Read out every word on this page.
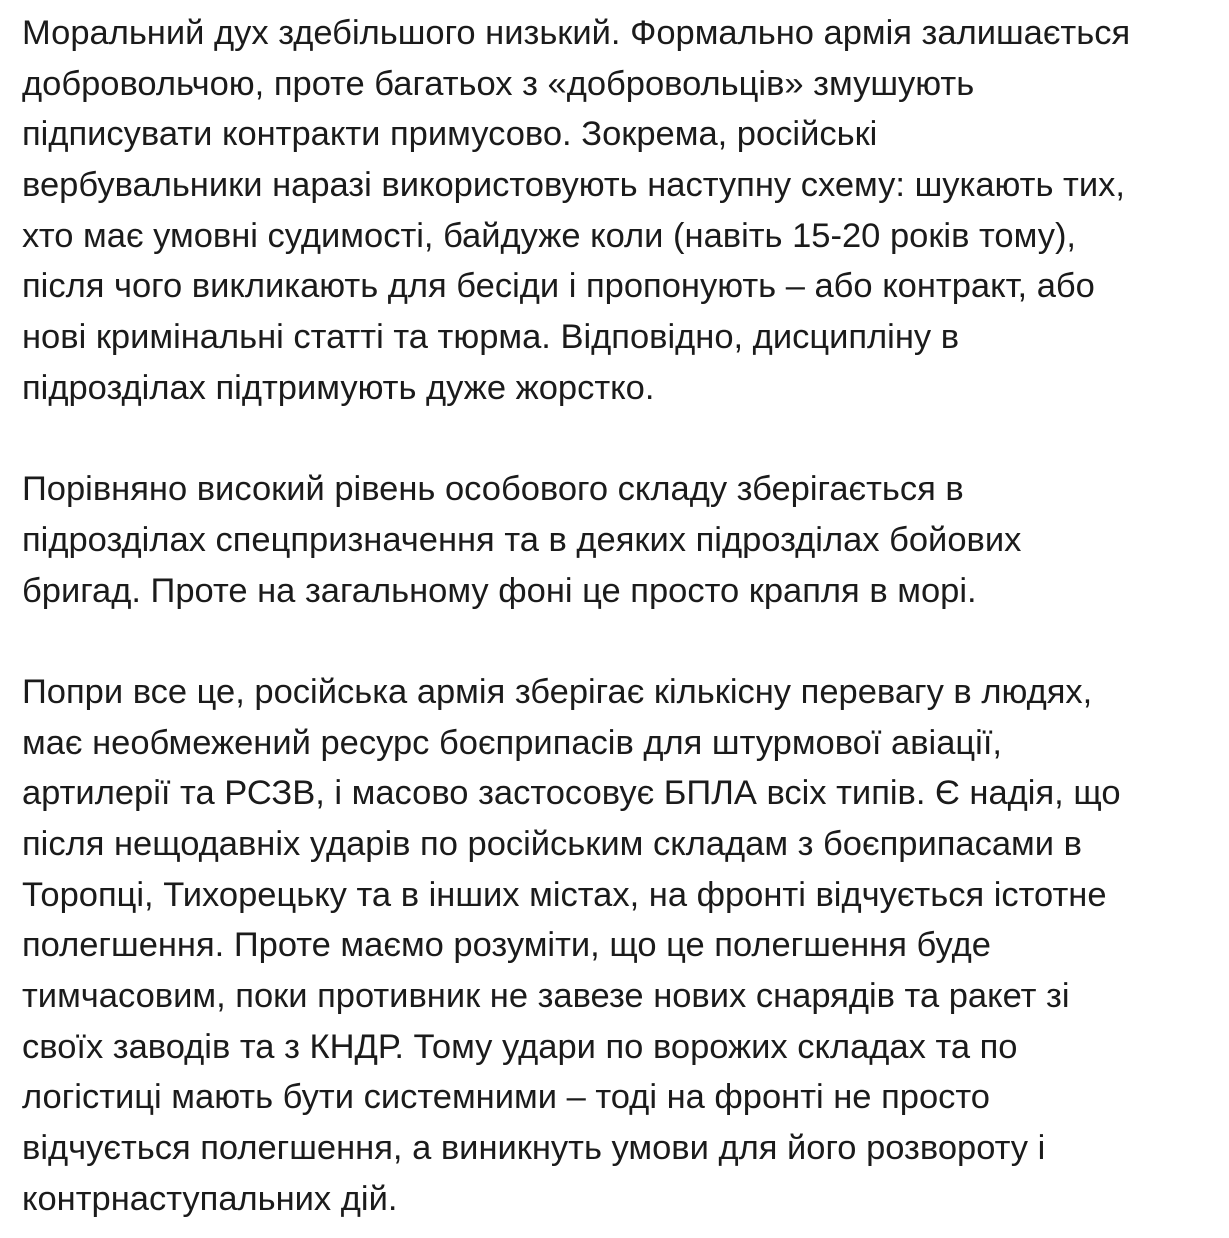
Моральний дух здебільшого низький. Формально армія залишається
добровольчою, проте багатьох з «добровольців» змушують
підписувати контракти примусово. Зокрема, російські
вербувальники наразі використовують наступну схему: шукають тих,
хто має умовні судимості, байдуже коли (навіть 15-20 років тому),
після чого викликають для бесіди і пропонують – або контракт, або
нові кримінальні статті та тюрма. Відповідно, дисципліну в
підрозділах підтримують дуже жорстко.

Порівняно високий рівень особового складу зберігається в
підрозділах спецпризначення та в деяких підрозділах бойових
бригад. Проте на загальному фоні це просто крапля в морі.

Попри все це, російська армія зберігає кількісну перевагу в людях,
має необмежений ресурс боєприпасів для штурмової авіації,
артилерії та РСЗВ, і масово застосовує БПЛА всіх типів. Є надія, що
після нещодавніх ударів по російським складам з боєприпасами в
Торопці, Тихорецьку та в інших містах, на фронті відчується істотне
полегшення. Проте маємо розуміти, що це полегшення буде
тимчасовим, поки противник не завезе нових снарядів та ракет зі
своїх заводів та з КНДР. Тому удари по ворожих складах та по
логістиці мають бути системними – тоді на фронті не просто
відчується полегшення, а виникнуть умови для його розвороту і
контрнаступальних дій.
